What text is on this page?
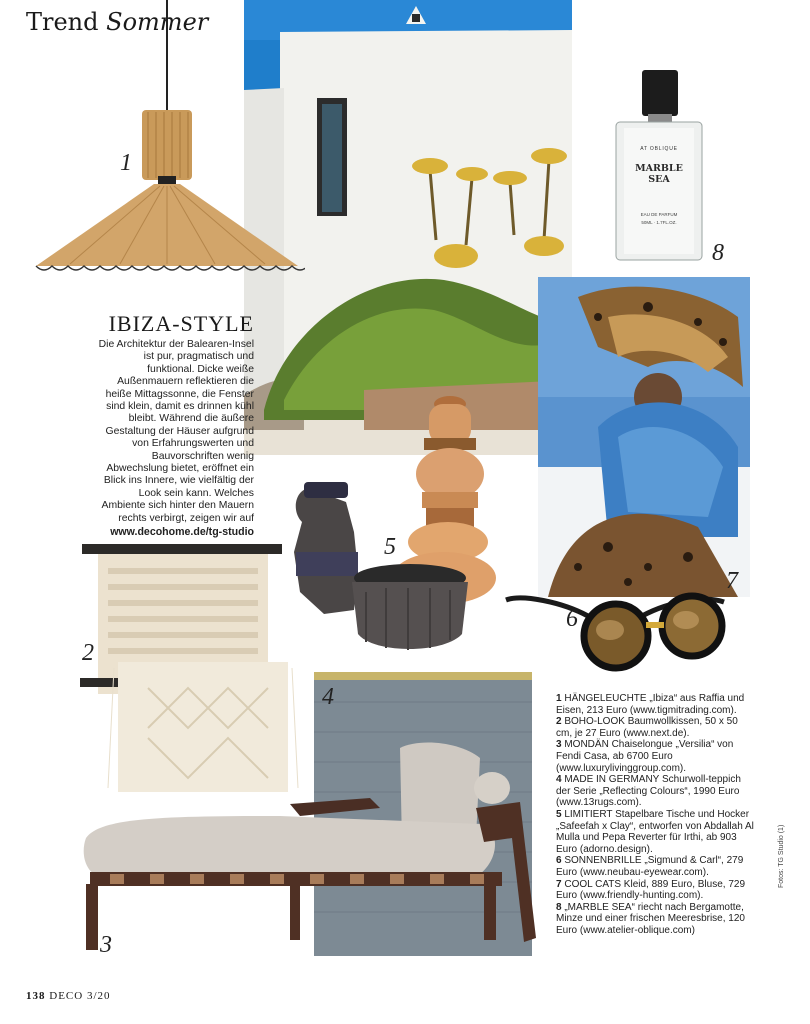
Trend Sommer
1
AT OBLIQUE
MARBLE SEA
EAU DE PARFUM
50ML · 1.7FL.OZ.
8
IBIZA-STYLE

Die Architektur der Balearen-Insel ist pur, pragmatisch und funktional. Dicke weiße Außenmauern reflektieren die heiße Mittagssonne, die Fenster sind klein, damit es drinnen kühl bleibt. Während die äußere Gestaltung der Häuser aufgrund von Erfahrungswerten und Bauvorschriften wenig Abwechslung bietet, eröffnet ein Blick ins Innere, wie vielfältig der Look sein kann. Welches Ambiente sich hinter den Mauern rechts verbirgt, zeigen wir auf

www.decohome.de/tg-studio

7
5
6
2
4
3
1 HÄNGELEUCHTE „Ibiza“ aus Raffia und Eisen, 213 Euro (www.tigmitrading.com).
2 BOHO-LOOK Baumwollkissen, 50 x 50 cm, je 27 Euro (www.next.de).
3 MONDÄN Chaiselongue „Versilia“ von Fendi Casa, ab 6700 Euro (www.luxurylivinggroup.com).
4 MADE IN GERMANY Schurwoll-teppich der Serie „Reflecting Colours“, 1990 Euro (www.13rugs.com).
5 LIMITIERT Stapelbare Tische und Hocker „Safeefah x Clay“, entworfen von Abdallah Al Mulla und Pepa Reverter für Irthi, ab 903 Euro (adorno.design).
6 SONNENBRILLE „Sigmund & Carl“, 279 Euro (www.neubau-eyewear.com).
7 COOL CATS Kleid, 889 Euro, Bluse, 729 Euro (www.friendly-hunting.com).
8 „MARBLE SEA“ riecht nach Bergamotte, Minze und einer frischen Meeresbrise, 120 Euro (www.atelier-oblique.com)
Fotos: TG Studio (1)
138 DECO 3/20
